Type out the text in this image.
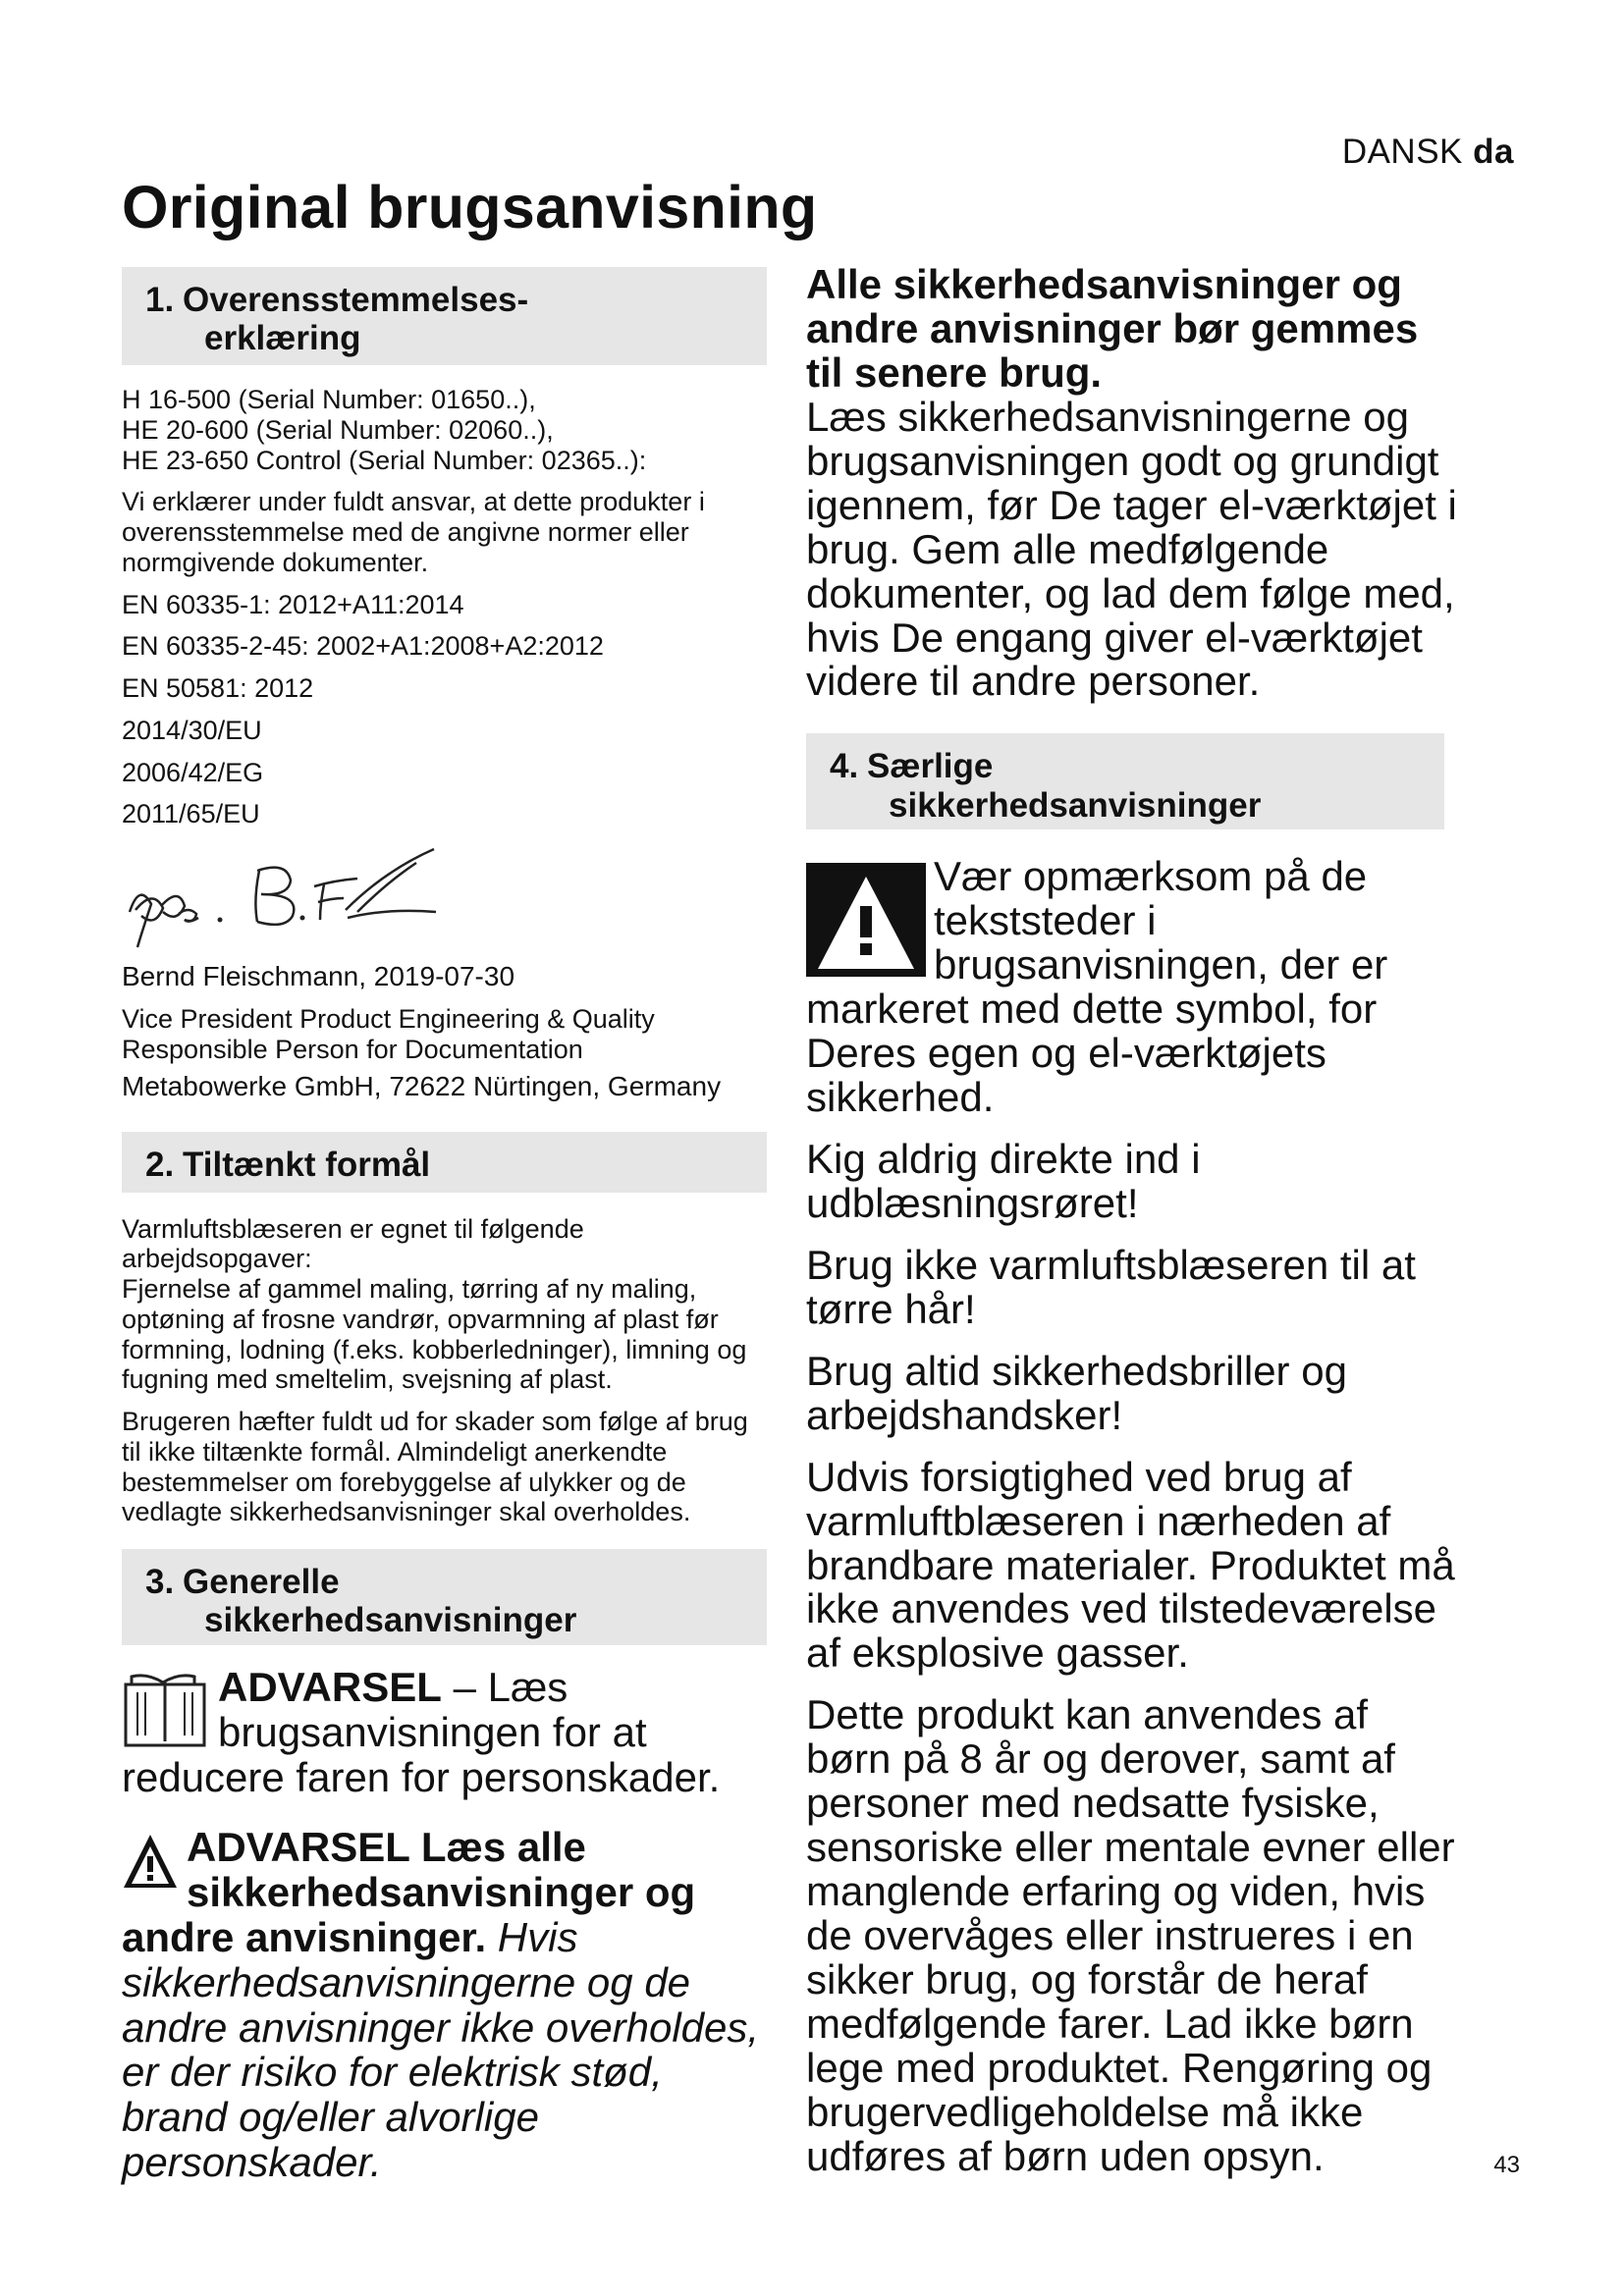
DANSK da
Original brugsanvisning
1. Overensstemmelses-
erklæring
H 16-500 (Serial Number: 01650..),
HE 20-600 (Serial Number: 02060..),
HE 23-650 Control (Serial Number: 02365..):
Vi erklærer under fuldt ansvar, at dette produkter i overensstemmelse med de angivne normer eller normgivende dokumenter.
EN 60335-1: 2012+A11:2014
EN 60335-2-45: 2002+A1:2008+A2:2012
EN 50581: 2012
2014/30/EU
2006/42/EG
2011/65/EU
Bernd Fleischmann, 2019-07-30
Vice President Product Engineering & Quality
Responsible Person for Documentation
Metabowerke GmbH, 72622 Nürtingen, Germany
2. Tiltænkt formål
Varmluftsblæseren er egnet til følgende arbejdsopgaver:
Fjernelse af gammel maling, tørring af ny maling, optøning af frosne vandrør, opvarmning af plast før formning, lodning (f.eks. kobberledninger), limning og fugning med smeltelim, svejsning af plast.
Brugeren hæfter fuldt ud for skader som følge af brug til ikke tiltænkte formål. Almindeligt anerkendte bestemmelser om forebyggelse af ulykker og de vedlagte sikkerhedsanvisninger skal overholdes.
3. Generelle
sikkerhedsanvisninger
ADVARSEL – Læs brugsanvisningen for at reducere faren for personskader.
ADVARSEL Læs alle sikkerhedsanvisninger og andre anvisninger. Hvis sikkerhedsanvisningerne og de andre anvisninger ikke overholdes, er der risiko for elektrisk stød, brand og/eller alvorlige personskader.
Alle sikkerhedsanvisninger og andre anvisninger bør gemmes til senere brug.
Læs sikkerhedsanvisningerne og brugsanvisningen godt og grundigt igennem, før De tager el-værktøjet i brug. Gem alle medfølgende dokumenter, og lad dem følge med, hvis De engang giver el-værktøjet videre til andre personer.
4. Særlige
sikkerhedsanvisninger
Vær opmærksom på de tekststeder i brugsanvisningen, der er markeret med dette symbol, for Deres egen og el-værktøjets sikkerhed.
Kig aldrig direkte ind i udblæsningsrøret!
Brug ikke varmluftsblæseren til at tørre hår!
Brug altid sikkerhedsbriller og arbejdshandsker!
Udvis forsigtighed ved brug af varmluftblæseren i nærheden af brandbare materialer. Produktet må ikke anvendes ved tilstedeværelse af eksplosive gasser.
Dette produkt kan anvendes af børn på 8 år og derover, samt af personer med nedsatte fysiske, sensoriske eller mentale evner eller manglende erfaring og viden, hvis de overvåges eller instrueres i en sikker brug, og forstår de heraf medfølgende farer. Lad ikke børn lege med produktet. Rengøring og brugervedligeholdelse må ikke udføres af børn uden opsyn.	43
